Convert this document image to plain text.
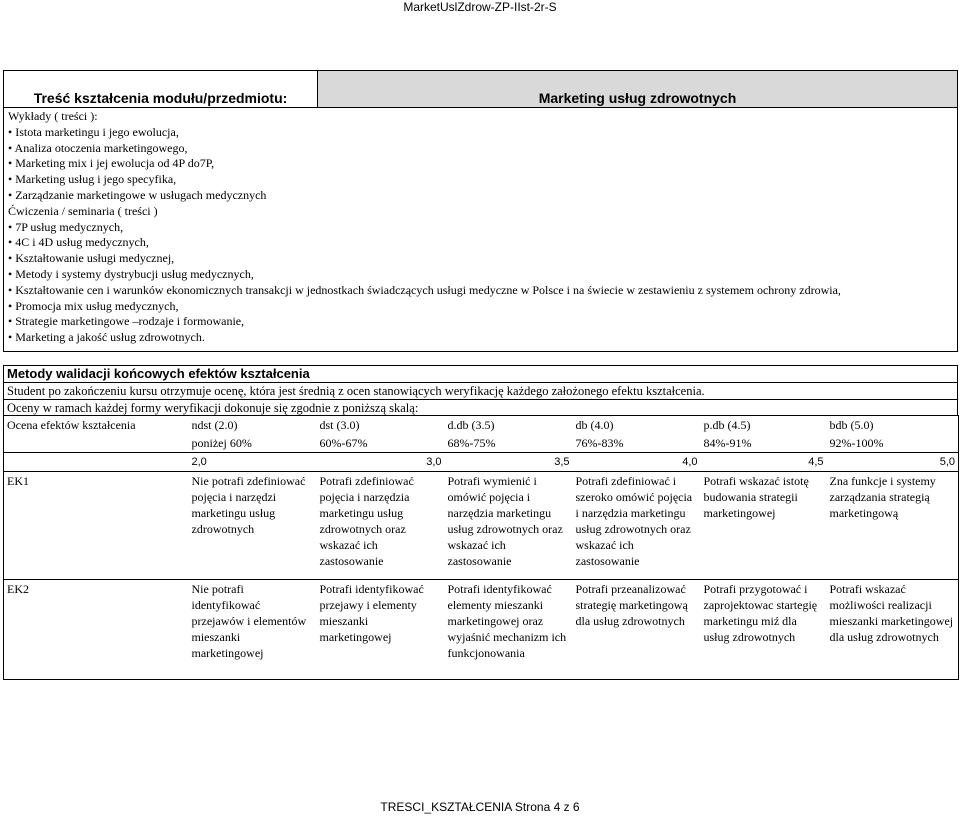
MarketUslZdrow-ZP-IIst-2r-S
Treść kształcenia modułu/przedmiotu:	Marketing usług zdrowotnych
Wykłady ( treści ):
• Istota marketingu i jego ewolucja,
• Analiza otoczenia marketingowego,
• Marketing mix i jej ewolucja od 4P do7P,
• Marketing usług i jego specyfika,
• Zarządzanie marketingowe w usługach medycznych
Ćwiczenia / seminaria ( treści )
• 7P usług medycznych,
• 4C i 4D usług medycznych,
• Kształtowanie usługi medycznej,
• Metody i systemy dystrybucji usług medycznych,
• Kształtowanie cen i warunków ekonomicznych transakcji w jednostkach świadczących usługi medyczne w Polsce i na świecie w zestawieniu z systemem ochrony zdrowia,
• Promocja mix usług medycznych,
• Strategie marketingowe –rodzaje i formowanie,
• Marketing a jakość usług zdrowotnych.
Metody walidacji końcowych efektów kształcenia
Student po zakończeniu kursu otrzymuje ocenę, która jest średnią z ocen stanowiących weryfikację każdego założonego efektu kształcenia.
Oceny w ramach każdej formy weryfikacji dokonuje się zgodnie z poniższą skalą:
Ocena efektów kształcenia	ndst (2.0)	dst (3.0)	d.db (3.5)	db (4.0)	p.db (4.5)	bdb (5.0)
	poniżej 60%	60%-67%	68%-75%	76%-83%	84%-91%	92%-100%
	2,0	3,0	3,5	4,0	4,5	5,0
EK1	Nie potrafi zdefiniować pojęcia i narzędzi marketingu usług zdrowotnych	Potrafi zdefiniować pojęcia i narzędzia marketingu usług zdrowotnych oraz wskazać ich zastosowanie	Potrafi wymienić i omówić pojęcia i narzędzia marketingu usług zdrowotnych oraz wskazać ich zastosowanie	Potrafi zdefiniować i szeroko omówić pojęcia i narzędzia marketingu usług zdrowotnych oraz wskazać ich zastosowanie	Potrafi wskazać istotę budowania strategii marketingowej	Zna funkcje i systemy zarządzania strategią marketingową
EK2	Nie potrafi identyfikować przejawów i elementów mieszanki marketingowej	Potrafi identyfikować przejawy i elementy mieszanki marketingowej	Potrafi identyfikować elementy mieszanki marketingowej oraz wyjaśnić mechanizm ich funkcjonowania	Potrafi przeanalizować strategię marketingową dla usług zdrowotnych	Potrafi przygotować i zaprojektowac startegię marketingu miź dla usług zdrowotnych	Potrafi wskazać możliwości realizacji mieszanki marketingowej dla usług zdrowotnych
TRESCI_KSZTAŁCENIA Strona 4 z 6
